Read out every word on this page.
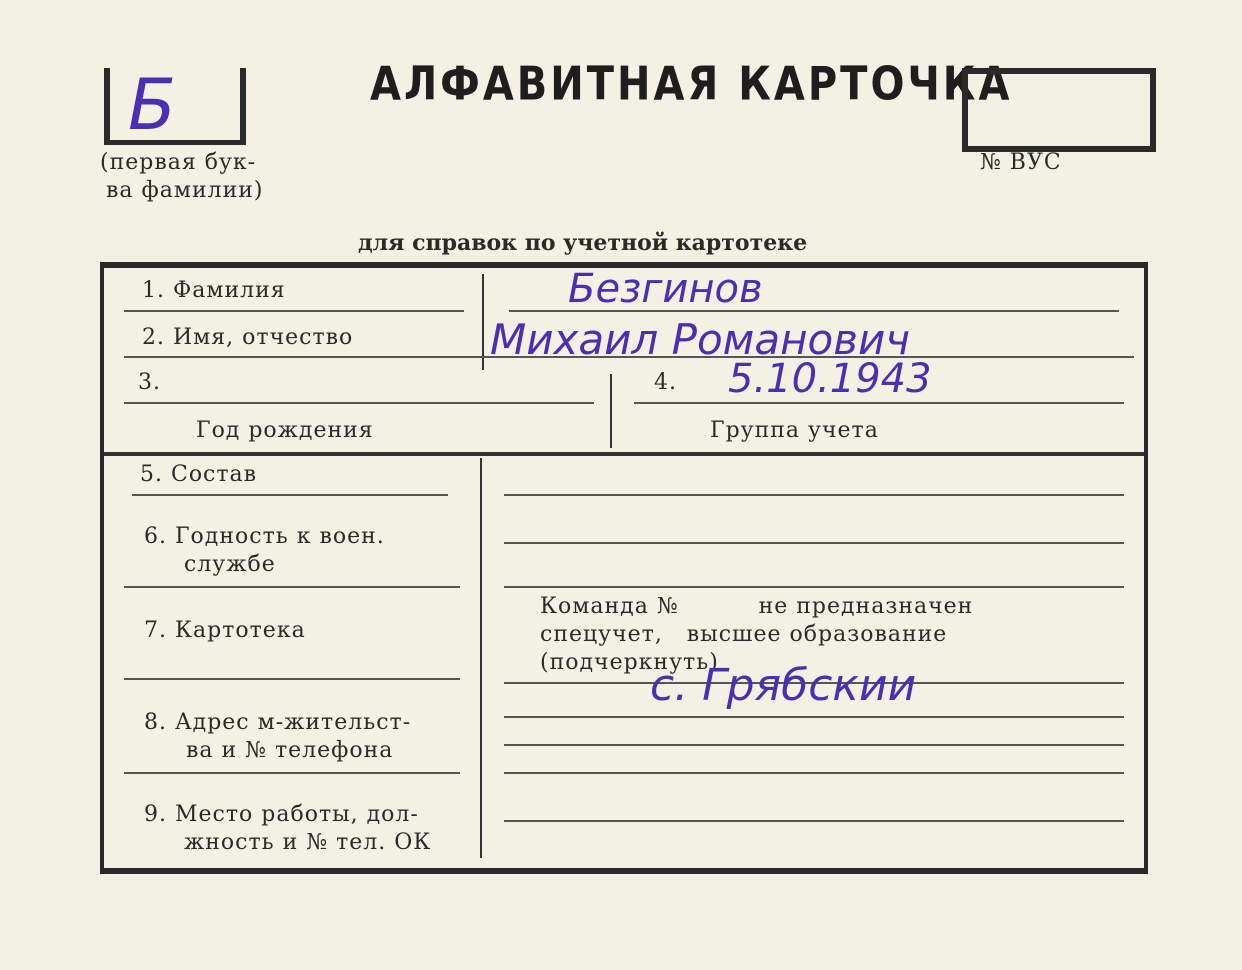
Б
(первая бук-
ва фамилии)
АЛФАВИТНАЯ КАРТОЧКА
№ ВУС
для справок по учетной картотеке
1. Фамилия	Безгинов
2. Имя, отчество	Михаил Романович
3.	4. 5.10.1943
Год рождения	Группа учета
5. Состав
6. Годность к воен.
службе
7. Картотека
Команда №          не предназначен
спецучет,   высшее образование
(подчеркнуть)
с. Грябскии
8. Адрес м-жительст-
ва и № телефона
9. Место работы, дол-
жность и № тел. ОК
